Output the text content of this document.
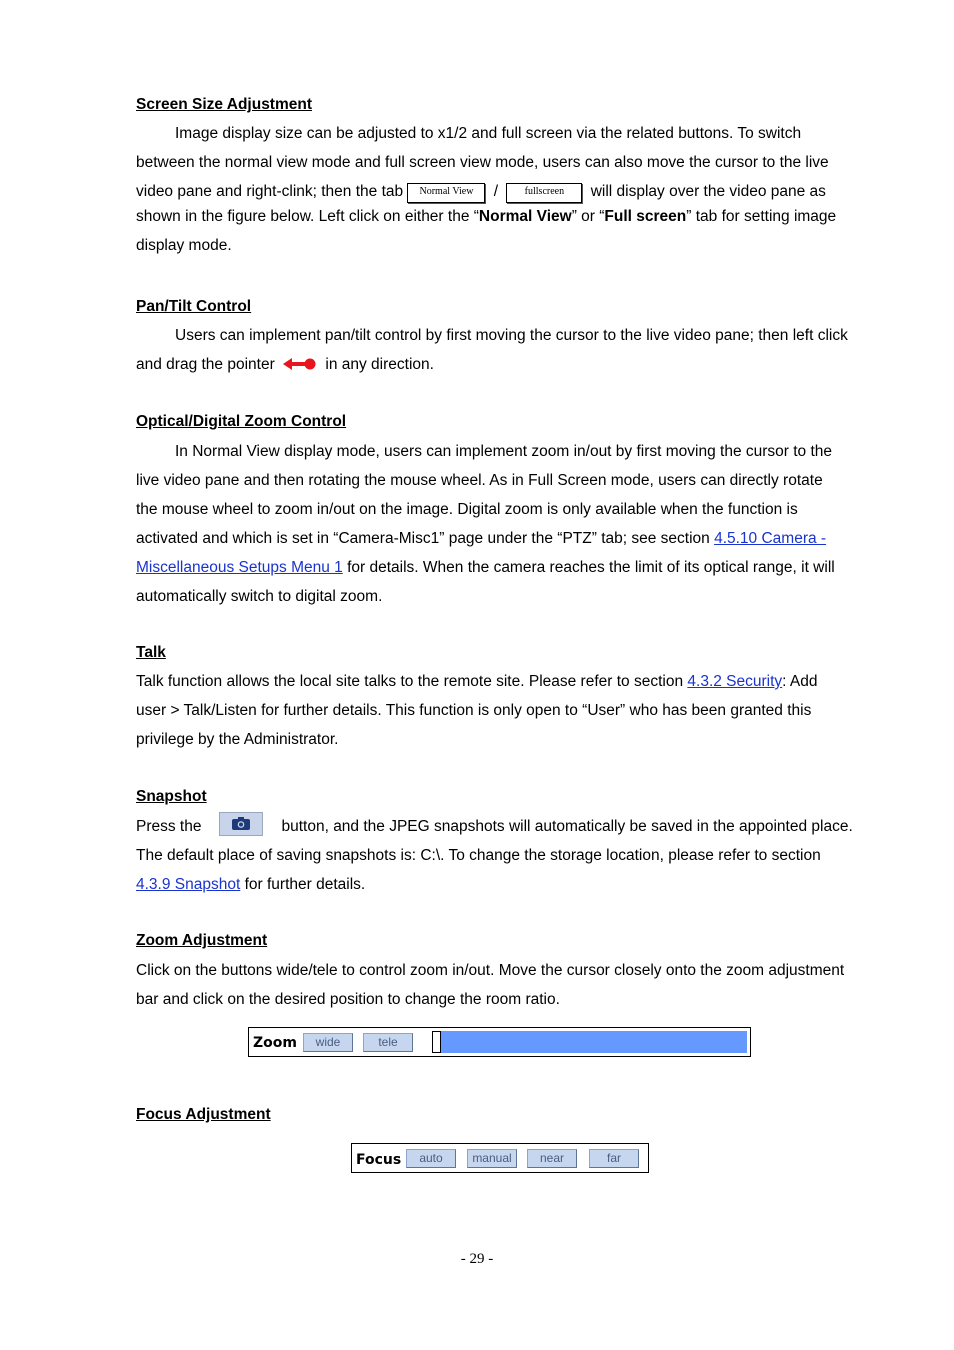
Screen Size Adjustment
Image display size can be adjusted to x1/2 and full screen via the related buttons. To switch
between the normal view mode and full screen view mode, users can also move the cursor to the live
video pane and right-clink; then the tab Normal View /	fullscreen will display over the video pane as
shown in the figure below. Left click on either the “Normal View” or “Full screen” tab for setting image
display mode.
Pan/Tilt Control
Users can implement pan/tilt control by first moving the cursor to the live video pane; then left click
and drag the pointer	in any direction.
Optical/Digital Zoom Control
In Normal View display mode, users can implement zoom in/out by first moving the cursor to the
live video pane and then rotating the mouse wheel. As in Full Screen mode, users can directly rotate
the mouse wheel to zoom in/out on the image. Digital zoom is only available when the function is
activated and which is set in “Camera-Misc1” page under the “PTZ” tab; see section 4.5.10 Camera -
Miscellaneous Setups Menu 1 for details. When the camera reaches the limit of its optical range, it will
automatically switch to digital zoom.
Talk
Talk function allows the local site talks to the remote site. Please refer to section 4.3.2 Security: Add
user > Talk/Listen for further details. This function is only open to “User” who has been granted this
privilege by the Administrator.
Snapshot
Press the	button, and the JPEG snapshots will automatically be saved in the appointed place.
The default place of saving snapshots is: C:\. To change the storage location, please refer to section
4.3.9 Snapshot for further details.
Zoom Adjustment
Click on the buttons wide/tele to control zoom in/out. Move the cursor closely onto the zoom adjustment
bar and click on the desired position to change the room ratio.
Focus Adjustment
Zoom	wide	tele
Focus	auto	manual	near	far
- 29 -
